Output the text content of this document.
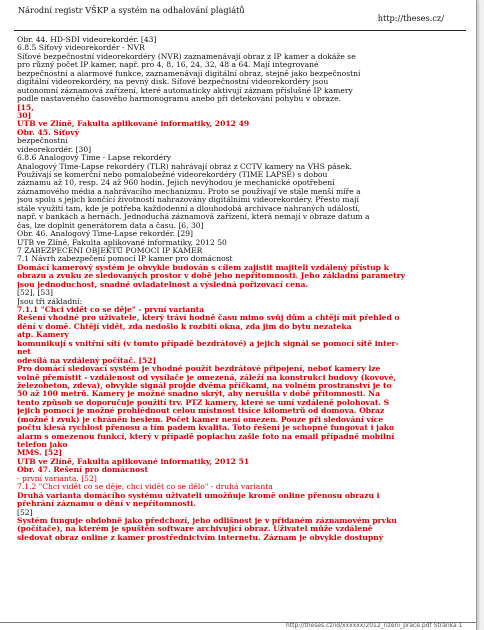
Národní registr VŠKP a systém na odhalování plagiátů
http://theses.cz/
Obr. 44. HD-SDI videorekordér. [43]
6.8.5 Síťový videorekordér - NVR
Síťové bezpečnostní videorekordéry (NVR) zaznamenávají obraz z IP kamer a dokáže se
pro různý počet IP kamer, např. pro 4, 8, 16, 24, 32, 48 a 64. Mají integrované
bezpečnostní a alarmové funkce, zaznamenávají digitální obraz, stejně jako bezpečnostní
digitální videorekordéry, na pevný disk. Síťové bezpečnostní videorekordéry jsou
autonomní záznamová zařízení, které automaticky aktivují záznam příslušné IP kamery
podle nastaveného časového harmonogramu anebo při detekování pohybu v obraze.
[15,
30]
UTB ve Zlíně, Fakulta aplikované informatiky, 2012 49
Obr. 45. Síťový
bezpečnostní
videorekordér. [30]
6.8.6 Analogový Time - Lapse rekordéry
Analogový Time-Lapse rekordéry (TLR) nahrávají obraz z CCTV kamery na VHS pásek.
Používají se komerční nebo pomalobežné videorekordéry (TIME LAPSE) s dobou
záznamu až 10, resp. 24 až 960 hodin. Jejich nevýhodou je mechanické opotřebení
záznamového média a nahrávacího mechanizmu. Proto se používají ve stále menší míře a
jsou spolu s jejich končící životností nahrazovány digitálními videorekordéry. Přesto mají
stále využití tam, kde je potřeba každodenní a dlouhodobá archivace nahraných událostí,
např. v bankách a hernách. Jednoduchá záznamová zařízení, která nemají v obraze datum a
čas, lze doplnit generátorem data a času. [6, 30]
Obr. 46. Analogový Time-Lapse rekordér. [29]
UTB ve Zlíně, Fakulta aplikované informatiky, 2012 50
7 ZABEZPEČENÍ OBJEKTŮ POMOCÍ IP KAMER
7.1 Návrh zabezpečení pomocí IP kamer pro domácnost
Domácí kamerový systém je obvykle budován s cílem zajistit majiteli vzdálený přístup k
obrazu a zvuku ze sledovaných prostor v době jeho nepřítomnosti. Jeho základní parametry
jsou jednoduchost, snadné ovladatelnost a výsledná pořizovací cena.
[52], [53]
Jsou tři základní:
7.1.1 "Chci vidět co se děje" - první varianta
Řešení vhodné pro uživatele, který tráví hodně času mimo svůj dům a chtějí mít přehled o
dění v domě. Chtějí vidět, zda nedošlo k rozbití okna, zda jim do bytu nezateka
atp. Kamery
komunikují s vnitřní sítí (v tomto případě bezdrátové) a jejich signál se pomocí sítě inter-
net
odesílá na vzdálený počítač. [52]
Pro domácí sledovací systém je vhodné použít bezdrátové připojení, neboť kamery lze
volně přemístit - vzdálenost od vysílače je omezená, záleží na konstrukci budovy (kovové,
železobeton, zdeva), obvykle signál projde dvěma příčkami, na volném prostranství je to
50 až 100 metrů. Kamery je možné snadno skrýt, aby nerušila v době přítomnosti. Na
tento způsob se doporučuje použití trv. PTZ kamery, které se umí vzdáleně polohovat. S
jejich pomocí je možné prohlédnout celou místnost tisíce kilometrů od domova. Obraz
(možné i zvuk) je chráněn heslem. Počet kamer není omezen. Pouze při sledování více
počtu klesá rychlost přenosu a tím padem kvalita. Toto řešení je schopné fungovat i jako
alarm s omezenou funkcí, který v případě poplachu zašle foto na email případně mobilní
telefon jako
MMS. [52]
UTB ve Zlíně, Fakulta aplikované informatiky, 2012 51
Obr. 47. Řešení pro domácnost
- první varianta. [52]
7.1.2 "Chci vidět co se děje, chci vidět co se dělo" - druhá varianta
Druhá varianta domácího systému uživateli umožňuje kromě online přenosu obrazu i
přehrání záznamu o dění v nepřítomnosti.
[52]
Systém funguje obdobně jako předchozí, jeho odlišnost je v přidaném záznamovém prvku
(počítače), na kterém je spuštěn software archivující obraz. Uživatel může vzdáleně
sledovat obraz online z kamer prostřednictvím internetu. Záznam je obvykle dostupný
http://theses.cz/id/xxxxxx/2012_rizeni_prace.pdf Stránka 1
